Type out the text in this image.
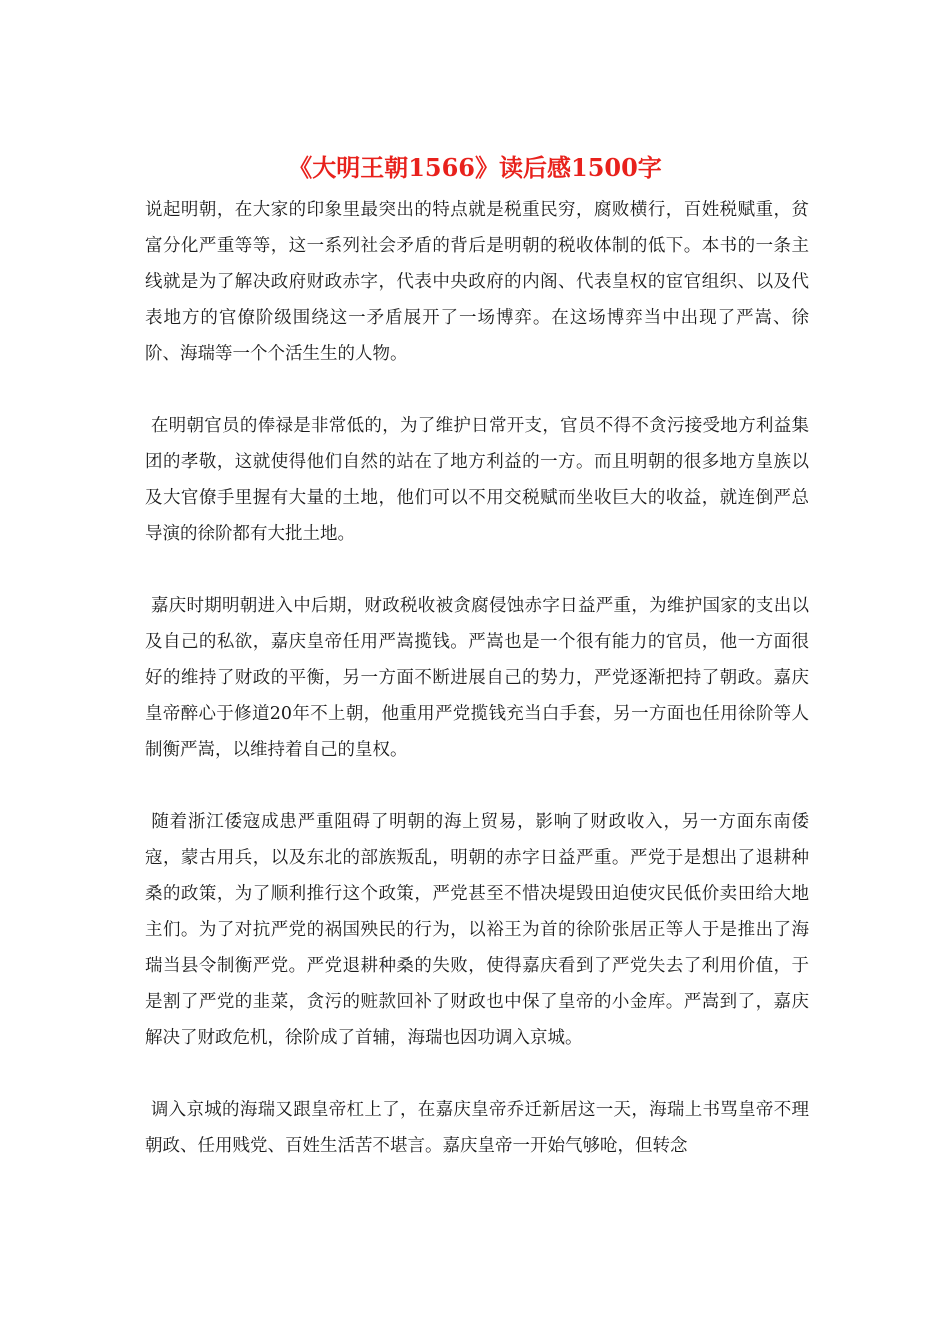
《大明王朝1566》读后感1500字

说起明朝，在大家的印象里最突出的特点就是税重民穷，腐败横行，百姓税赋重，贫富分化严重等等，这一系列社会矛盾的背后是明朝的税收体制的低下。本书的一条主线就是为了解决政府财政赤字，代表中央政府的内阁、代表皇权的宦官组织、以及代表地方的官僚阶级围绕这一矛盾展开了一场博弈。在这场博弈当中出现了严嵩、徐阶、海瑞等一个个活生生的人物。

在明朝官员的俸禄是非常低的，为了维护日常开支，官员不得不贪污接受地方利益集团的孝敬，这就使得他们自然的站在了地方利益的一方。而且明朝的很多地方皇族以及大官僚手里握有大量的土地，他们可以不用交税赋而坐收巨大的收益，就连倒严总导演的徐阶都有大批土地。

嘉庆时期明朝进入中后期，财政税收被贪腐侵蚀赤字日益严重，为维护国家的支出以及自己的私欲，嘉庆皇帝任用严嵩揽钱。严嵩也是一个很有能力的官员，他一方面很好的维持了财政的平衡，另一方面不断进展自己的势力，严党逐渐把持了朝政。嘉庆皇帝醉心于修道20年不上朝，他重用严党揽钱充当白手套，另一方面也任用徐阶等人制衡严嵩，以维持着自己的皇权。

随着浙江倭寇成患严重阻碍了明朝的海上贸易，影响了财政收入，另一方面东南倭寇，蒙古用兵，以及东北的部族叛乱，明朝的赤字日益严重。严党于是想出了退耕种桑的政策，为了顺利推行这个政策，严党甚至不惜决堤毁田迫使灾民低价卖田给大地主们。为了对抗严党的祸国殃民的行为，以裕王为首的徐阶张居正等人于是推出了海瑞当县令制衡严党。严党退耕种桑的失败，使得嘉庆看到了严党失去了利用价值，于是割了严党的韭菜，贪污的赃款回补了财政也中保了皇帝的小金库。严嵩到了，嘉庆解决了财政危机，徐阶成了首辅，海瑞也因功调入京城。

调入京城的海瑞又跟皇帝杠上了，在嘉庆皇帝乔迁新居这一天，海瑞上书骂皇帝不理朝政、任用贱党、百姓生活苦不堪言。嘉庆皇帝一开始气够呛，但转念
